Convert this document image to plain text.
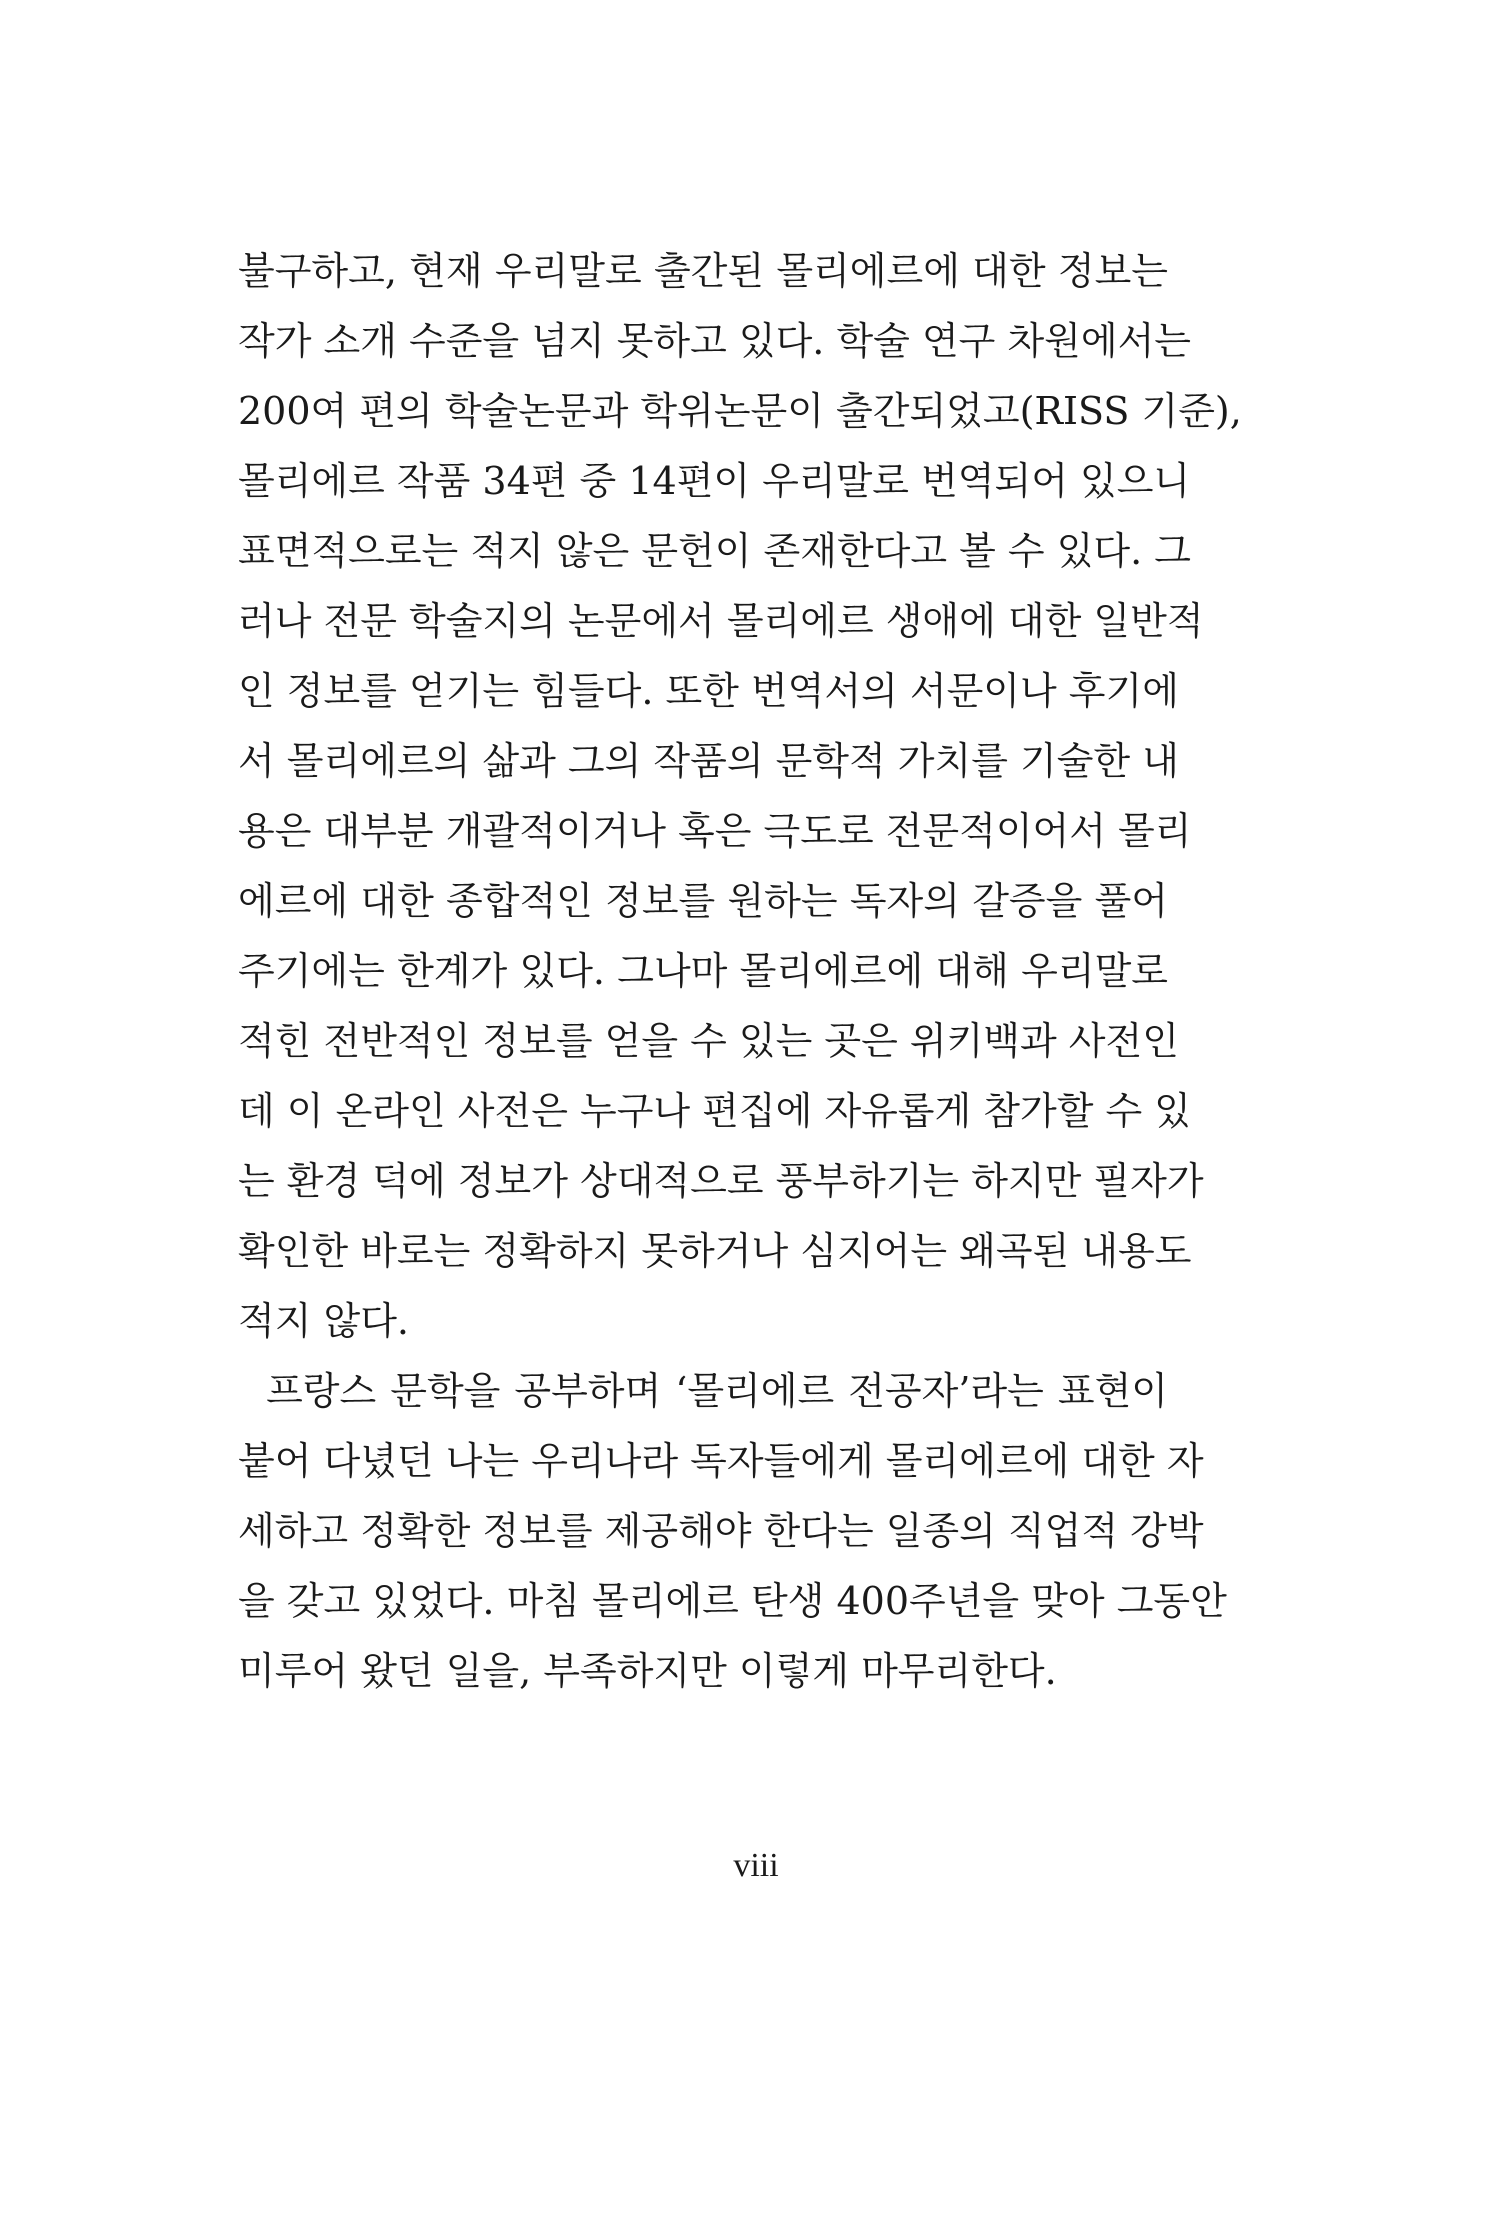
불구하고, 현재 우리말로 출간된 몰리에르에 대한 정보는
작가 소개 수준을 넘지 못하고 있다. 학술 연구 차원에서는
200여 편의 학술논문과 학위논문이 출간되었고(RISS 기준),
몰리에르 작품 34편 중 14편이 우리말로 번역되어 있으니
표면적으로는 적지 않은 문헌이 존재한다고 볼 수 있다. 그
러나 전문 학술지의 논문에서 몰리에르 생애에 대한 일반적
인 정보를 얻기는 힘들다. 또한 번역서의 서문이나 후기에
서 몰리에르의 삶과 그의 작품의 문학적 가치를 기술한 내
용은 대부분 개괄적이거나 혹은 극도로 전문적이어서 몰리
에르에 대한 종합적인 정보를 원하는 독자의 갈증을 풀어
주기에는 한계가 있다. 그나마 몰리에르에 대해 우리말로
적힌 전반적인 정보를 얻을 수 있는 곳은 위키백과 사전인
데 이 온라인 사전은 누구나 편집에 자유롭게 참가할 수 있
는 환경 덕에 정보가 상대적으로 풍부하기는 하지만 필자가
확인한 바로는 정확하지 못하거나 심지어는 왜곡된 내용도
적지 않다.
프랑스 문학을 공부하며 ‘몰리에르 전공자’라는 표현이
붙어 다녔던 나는 우리나라 독자들에게 몰리에르에 대한 자
세하고 정확한 정보를 제공해야 한다는 일종의 직업적 강박
을 갖고 있었다. 마침 몰리에르 탄생 400주년을 맞아 그동안
미루어 왔던 일을, 부족하지만 이렇게 마무리한다.
viii
